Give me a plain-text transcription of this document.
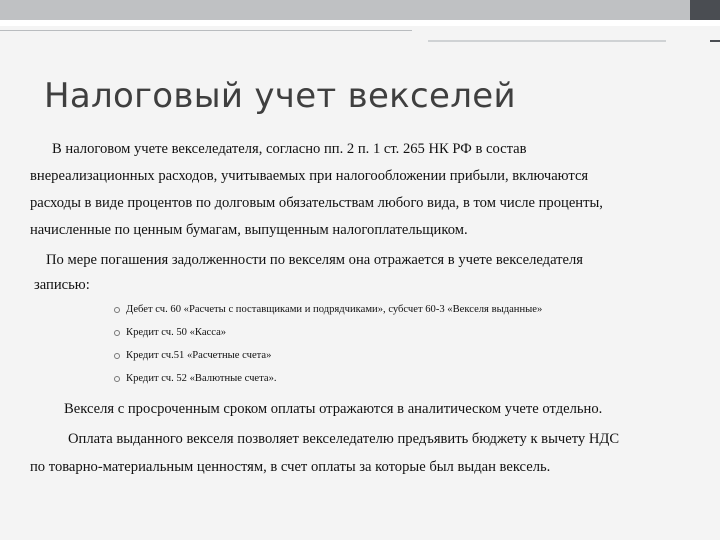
Налоговый учет векселей
В налоговом учете векселедателя, согласно пп. 2 п. 1 ст. 265 НК РФ в состав
внереализационных расходов, учитываемых при налогообложении прибыли, включаются
расходы в виде процентов по долговым обязательствам любого вида, в том числе проценты,
начисленные по ценным бумагам, выпущенным налогоплательщиком.
По мере погашения задолженности по векселям она отражается в учете векселедателя
записью:
Дебет сч. 60 «Расчеты с поставщиками и подрядчиками», субсчет 60-3 «Векселя выданные»
Кредит сч. 50 «Касса»
Кредит сч.51 «Расчетные счета»
Кредит сч. 52 «Валютные счета».
Векселя с просроченным сроком оплаты отражаются в аналитическом учете отдельно.
Оплата выданного векселя позволяет векселедателю предъявить бюджету к вычету НДС
по товарно-материальным ценностям, в счет оплаты за которые был выдан вексель.
